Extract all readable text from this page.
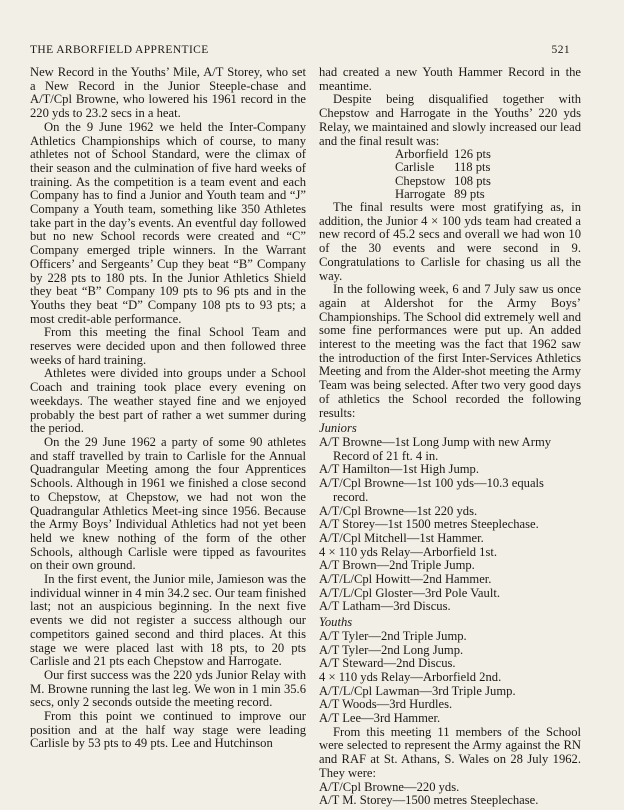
THE ARBORFIELD APPRENTICE	521

New Record in the Youths’ Mile, A/T Storey, who set a New Record in the Junior Steeple-chase and A/T/Cpl Browne, who lowered his 1961 record in the 220 yds to 23.2 secs in a heat.

On the 9 June 1962 we held the Inter-Company Athletics Championships which of course, to many athletes not of School Standard, were the climax of their season and the culmination of five hard weeks of training. As the competition is a team event and each Company has to find a Junior and Youth team and “J” Company a Youth team, something like 350 Athletes take part in the day’s events. An eventful day followed but no new School records were created and “C” Company emerged triple winners. In the Warrant Officers’ and Sergeants’ Cup they beat “B” Company by 228 pts to 180 pts. In the Junior Athletics Shield they beat “B” Company 109 pts to 96 pts and in the Youths they beat “D” Company 108 pts to 93 pts; a most credit-able performance.

From this meeting the final School Team and reserves were decided upon and then followed three weeks of hard training.

Athletes were divided into groups under a School Coach and training took place every evening on weekdays. The weather stayed fine and we enjoyed probably the best part of rather a wet summer during the period.

On the 29 June 1962 a party of some 90 athletes and staff travelled by train to Carlisle for the Annual Quadrangular Meeting among the four Apprentices Schools. Although in 1961 we finished a close second to Chepstow, at Chepstow, we had not won the Quadrangular Athletics Meet-ing since 1956. Because the Army Boys’ Individual Athletics had not yet been held we knew nothing of the form of the other Schools, although Carlisle were tipped as favourites on their own ground.

In the first event, the Junior mile, Jamieson was the individual winner in 4 min 34.2 sec. Our team finished last; not an auspicious beginning. In the next five events we did not register a success although our competitors gained second and third places. At this stage we were placed last with 18 pts, to 20 pts Carlisle and 21 pts each Chepstow and Harrogate.

Our first success was the 220 yds Junior Relay with M. Browne running the last leg. We won in 1 min 35.6 secs, only 2 seconds outside the meeting record.

From this point we continued to improve our position and at the half way stage were leading Carlisle by 53 pts to 49 pts. Lee and Hutchinson

had created a new Youth Hammer Record in the meantime.

Despite being disqualified together with Chepstow and Harrogate in the Youths’ 220 yds Relay, we maintained and slowly increased our lead and the final result was:

Arborfield	126 pts
Carlisle	118 pts
Chepstow	108 pts
Harrogate	89 pts

The final results were most gratifying as, in addition, the Junior 4 × 100 yds team had created a new record of 45.2 secs and overall we had won 10 of the 30 events and were second in 9. Congratulations to Carlisle for chasing us all the way.

In the following week, 6 and 7 July saw us once again at Aldershot for the Army Boys’ Championships. The School did extremely well and some fine performances were put up. An added interest to the meeting was the fact that 1962 saw the introduction of the first Inter-Services Athletics Meeting and from the Alder-shot meeting the Army Team was being selected. After two very good days of athletics the School recorded the following results:

Juniors
A/T Browne—1st Long Jump with new Army Record of 21 ft. 4 in.
A/T Hamilton—1st High Jump.
A/T/Cpl Browne—1st 100 yds—10.3 equals record.
A/T/Cpl Browne—1st 220 yds.
A/T Storey—1st 1500 metres Steeplechase.
A/T/Cpl Mitchell—1st Hammer.
4 × 110 yds Relay—Arborfield 1st.
A/T Brown—2nd Triple Jump.
A/T/L/Cpl Howitt—2nd Hammer.
A/T/L/Cpl Gloster—3rd Pole Vault.
A/T Latham—3rd Discus.
Youths
A/T Tyler—2nd Triple Jump.
A/T Tyler—2nd Long Jump.
A/T Steward—2nd Discus.
4 × 110 yds Relay—Arborfield 2nd.
A/T/L/Cpl Lawman—3rd Triple Jump.
A/T Woods—3rd Hurdles.
A/T Lee—3rd Hammer.

From this meeting 11 members of the School were selected to represent the Army against the RN and RAF at St. Athans, S. Wales on 28 July 1962. They were:

A/T/Cpl Browne—220 yds.
A/T M. Storey—1500 metres Steeplechase.
